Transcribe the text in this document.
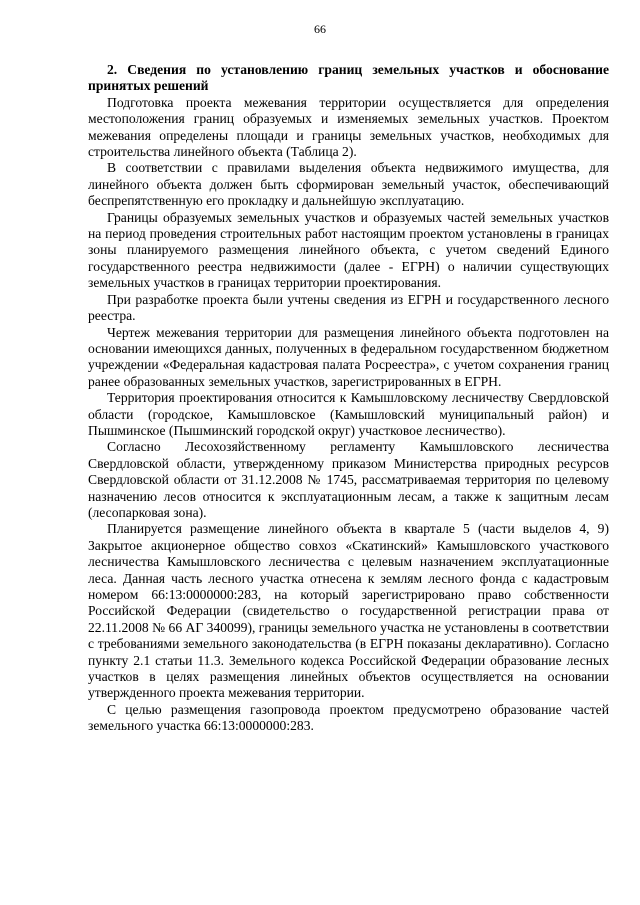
66

2. Сведения по установлению границ земельных участков и обоснование принятых решений

Подготовка проекта межевания территории осуществляется для определения местоположения границ образуемых и изменяемых земельных участков. Проектом межевания определены площади и границы земельных участков, необходимых для строительства линейного объекта (Таблица 2).

В соответствии с правилами выделения объекта недвижимого имущества, для линейного объекта должен быть сформирован земельный участок, обеспечивающий беспрепятственную его прокладку и дальнейшую эксплуатацию.

Границы образуемых земельных участков и образуемых частей земельных участков на период проведения строительных работ настоящим проектом установлены в границах зоны планируемого размещения линейного объекта, с учетом сведений Единого государственного реестра недвижимости (далее - ЕГРН) о наличии существующих земельных участков в границах территории проектирования.

При разработке проекта были учтены сведения из ЕГРН и государственного лесного реестра.

Чертеж межевания территории для размещения линейного объекта подготовлен на основании имеющихся данных, полученных в федеральном государственном бюджетном учреждении «Федеральная кадастровая палата Росреестра», с учетом сохранения границ ранее образованных земельных участков, зарегистрированных в ЕГРН.

Территория проектирования относится к Камышловскому лесничеству Свердловской области (городское, Камышловское (Камышловский муниципальный район) и Пышминское (Пышминский городской округ) участковое лесничество).

Согласно Лесохозяйственному регламенту Камышловского лесничества Свердловской области, утвержденному приказом Министерства природных ресурсов Свердловской области от 31.12.2008 № 1745, рассматриваемая территория по целевому назначению лесов относится к эксплуатационным лесам, а также к защитным лесам (лесопарковая зона).

Планируется размещение линейного объекта в квартале 5 (части выделов 4, 9) Закрытое акционерное общество совхоз «Скатинский» Камышловского участкового лесничества Камышловского лесничества с целевым назначением эксплуатационные леса. Данная часть лесного участка отнесена к землям лесного фонда с кадастровым номером 66:13:0000000:283, на который зарегистрировано право собственности Российской Федерации (свидетельство о государственной регистрации права от 22.11.2008 № 66 АГ 340099), границы земельного участка не установлены в соответствии с требованиями земельного законодательства (в ЕГРН показаны декларативно). Согласно пункту 2.1 статьи 11.3. Земельного кодекса Российской Федерации образование лесных участков в целях размещения линейных объектов осуществляется на основании утвержденного проекта межевания территории.

С целью размещения газопровода проектом предусмотрено образование частей земельного участка 66:13:0000000:283.
